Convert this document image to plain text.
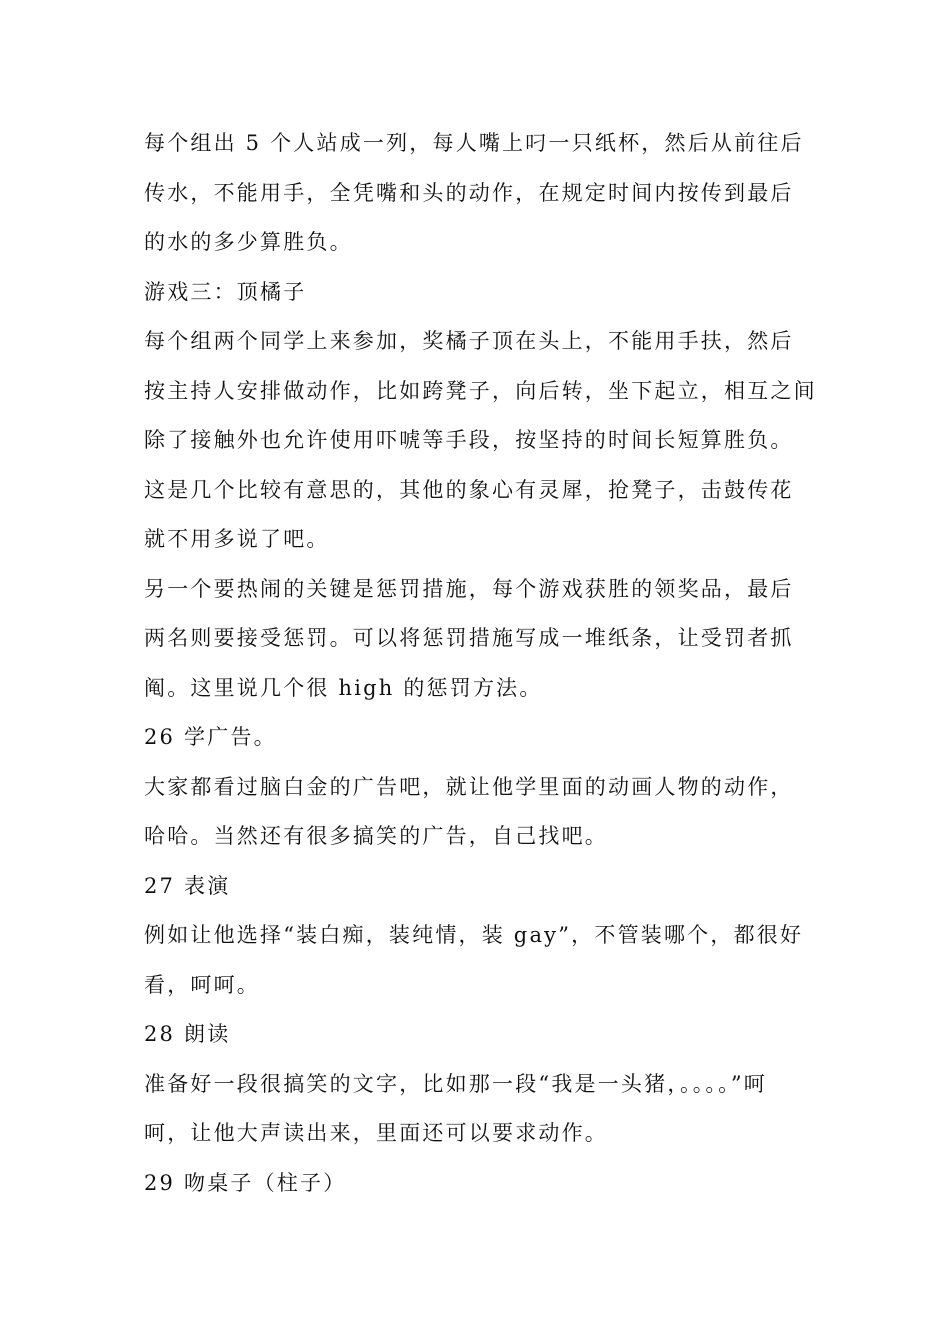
每个组出 5 个人站成一列，每人嘴上叼一只纸杯，然后从前往后
传水，不能用手，全凭嘴和头的动作，在规定时间内按传到最后
的水的多少算胜负。
游戏三：顶橘子
每个组两个同学上来参加，奖橘子顶在头上，不能用手扶，然后
按主持人安排做动作，比如跨凳子，向后转，坐下起立，相互之间
除了接触外也允许使用吓唬等手段，按坚持的时间长短算胜负。
这是几个比较有意思的，其他的象心有灵犀，抢凳子，击鼓传花
就不用多说了吧。
另一个要热闹的关键是惩罚措施，每个游戏获胜的领奖品，最后
两名则要接受惩罚。可以将惩罚措施写成一堆纸条，让受罚者抓
阄。这里说几个很 high 的惩罚方法。
26 学广告。
大家都看过脑白金的广告吧，就让他学里面的动画人物的动作，
哈哈。当然还有很多搞笑的广告，自己找吧。
27 表演
例如让他选择“装白痴，装纯情，装 gay”，不管装哪个，都很好
看，呵呵。
28 朗读
准备好一段很搞笑的文字，比如那一段“我是一头猪，。。。。”呵
呵，让他大声读出来，里面还可以要求动作。
29 吻桌子（柱子）
